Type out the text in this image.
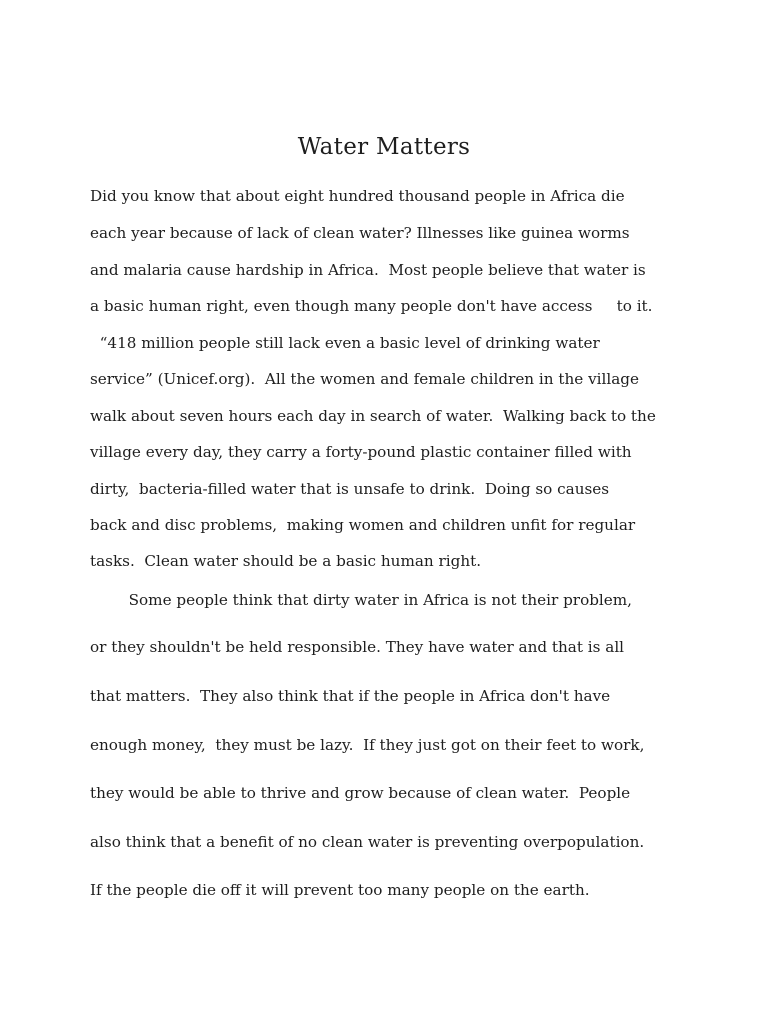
Water Matters
Did you know that about eight hundred thousand people in Africa die
each year because of lack of clean water? Illnesses like guinea worms
and malaria cause hardship in Africa.  Most people believe that water is
a basic human right, even though many people don't have access     to it.
“418 million people still lack even a basic level of drinking water
service” (Unicef.org).  All the women and female children in the village
walk about seven hours each day in search of water.  Walking back to the
village every day, they carry a forty-pound plastic container filled with
dirty,  bacteria-filled water that is unsafe to drink.  Doing so causes
back and disc problems,  making women and children unfit for regular
tasks.  Clean water should be a basic human right.
Some people think that dirty water in Africa is not their problem,
or they shouldn't be held responsible. They have water and that is all
that matters.  They also think that if the people in Africa don't have
enough money,  they must be lazy.  If they just got on their feet to work,
they would be able to thrive and grow because of clean water.  People
also think that a benefit of no clean water is preventing overpopulation.
If the people die off it will prevent too many people on the earth.
